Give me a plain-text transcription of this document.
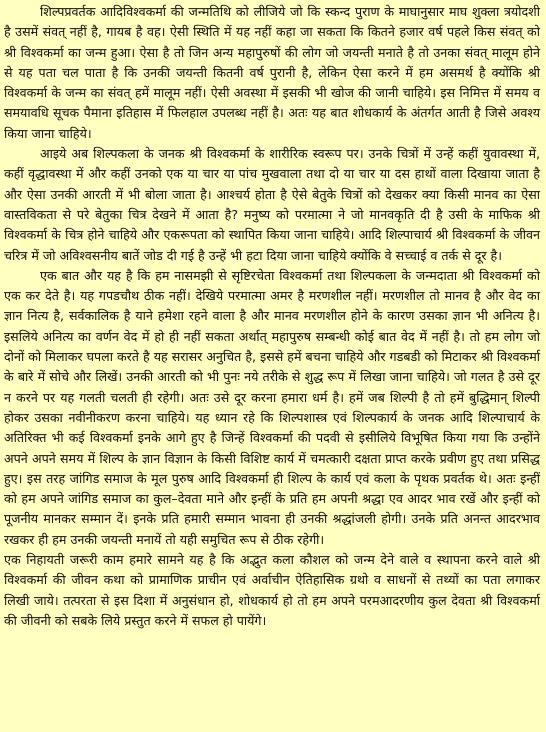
शिल्पप्रवर्तक आदिविश्वकर्मा की जन्मतिथि को लीजिये जो कि स्कन्द पुराण के माघानुसार माघ शुक्ला त्रयोदशी है उसमें संवत्‌ नहीं है, गायब है वह। ऐसी स्थिति में यह नहीं कहा जा सकता कि कितने हजार वर्ष पहले किस संवत्‌ को श्री विश्वकर्मा का जन्म हुआ। ऐसा है तो जिन अन्य महापुरुषों की लोग जो जयन्ती मनाते है तो उनका संवत्‌ मालूम होने से यह पता चल पाता है कि उनकी जयन्ती कितनी वर्ष पुरानी है, लेकिन ऐसा करने में हम असमर्थ है क्योंकि श्री विश्वकर्मा के जन्म का संवत्‌ हमें मालूम नहीं। ऐसी अवस्था में इसकी भी खोज की जानी चाहिये। इस निमित्त में समय व समयावधि सूचक पैमाना इतिहास में फिलहाल उपलब्ध नहीं है। अतः यह बात शोधकार्य के अंतर्गत आती है जिसे अवश्य किया जाना चाहिये।

आइये अब शिल्पकला के जनक श्री विश्वकर्मा के शारीरिक स्वरूप पर। उनके चित्रों में उन्हें कहीं युवावस्था में, कहीं वृद्धावस्था में और कहीं उनको एक या चार या पांच मुखवाला तथा दो या चार या दस हाथों वाला दिखाया जाता है और ऐसा उनकी आरती में भी बोला जाता है। आश्चर्य होता है ऐसे बेतुके चित्रों को देखकर क्या किसी मानव का ऐसा वास्तविकता से परे बेतुका चित्र देखने में आता है? मनुष्य को परमात्मा ने जो मानवकृति दी है उसी के माफिक श्री विश्वकर्मा के चित्र होने चाहिये और एकरूपता को स्थापित किया जाना चाहिये। आदि शिल्पाचार्य श्री विश्वकर्मा के जीवन चरित्र में जो अविश्वसनीय बातें जोड दी गई है उन्हें भी हटा दिया जाना चाहिये क्योंकि वे सच्चाई व तर्क से दूर है।

एक बात और यह है कि हम नासमझी से सृष्टिरचेता विश्वकर्मा तथा शिल्पकला के जन्मदाता श्री विश्वकर्मा को एक कर देते है। यह गपडचौथ ठीक नहीं। देखिये परमात्मा अमर है मरणशील नहीं। मरणशील तो मानव है और वेद का ज्ञान नित्य है, सर्वकालिक है याने हमेशा रहने वाला है और मानव मरणशील होने के कारण उसका ज्ञान भी अनित्य है। इसलिये अनित्य का वर्णन वेद में हो ही नहीं सकता अर्थात्‌ महापुरुष सम्बन्धी कोई बात वेद में नहीं है। तो हम लोग जो दोनों को मिलाकर घपला करते है यह सरासर अनुचित है, इससे हमें बचना चाहिये और गडबडी को मिटाकर श्री विश्वकर्मा के बारे में सोचे और लिखें। उनकी आरती को भी पुनः नये तरीके से शुद्ध रूप में लिखा जाना चाहिये। जो गलत है उसे दूर न करने पर यह गलती चलती ही रहेगी। अतः उसे दूर करना हमारा धर्म है। हमें जब शिल्पी है तो हमें बुद्धिमान्‌ शिल्पी होकर उसका नवीनीकरण करना चाहिये। यह ध्यान रहे कि शिल्पशास्त्र एवं शिल्पकार्य के जनक आदि शिल्पाचार्य के अतिरिक्त भी कई विश्वकर्मा इनके आगे हुए है जिन्हें विश्वकर्मा की पदवी से इसीलिये विभूषित किया गया कि उन्होंने अपने अपने समय में शिल्प के ज्ञान विज्ञान के किसी विशिष्ट कार्य में चमत्कारी दक्षता प्राप्त करके प्रवीण हुए तथा प्रसिद्ध हुए। इस तरह जांगिड समाज के मूल पुरुष आदि विश्वकर्मा ही शिल्प के कार्य एवं कला के पृथक प्रवर्तक थे। अतः इन्हीं को हम अपने जांगिड समाज का कुल–देवता माने और इन्हीं के प्रति हम अपनी श्रद्धा एव आदर भाव रखें और इन्हीं को पूजनीय मानकर सम्मान दें। इनके प्रति हमारी सम्मान भावना ही उनकी श्रद्धांजली होगी। उनके प्रति अनन्त आदरभाव रखकर ही हम उनकी जयन्ती मनायें तो यही समुचित रूप से ठीक रहेगी।

एक निहायती जरूरी काम हमारे सामने यह है कि अद्भुत कला कौशल को जन्म देने वाले व स्थापना करने वाले श्री विश्वकर्मा की जीवन कथा को प्रामाणिक प्राचीन एवं अर्वाचीन ऐतिहासिक ग्रथो व साधनों से तथ्यों का पता लगाकर लिखी जाये। तत्परता से इस दिशा में अनुसंधान हो, शोधकार्य हो तो हम अपने परमआदरणीय कुल देवता श्री विश्वकर्मा की जीवनी को सबके लिये प्रस्तुत करने में सफल हो पायेंगे।
